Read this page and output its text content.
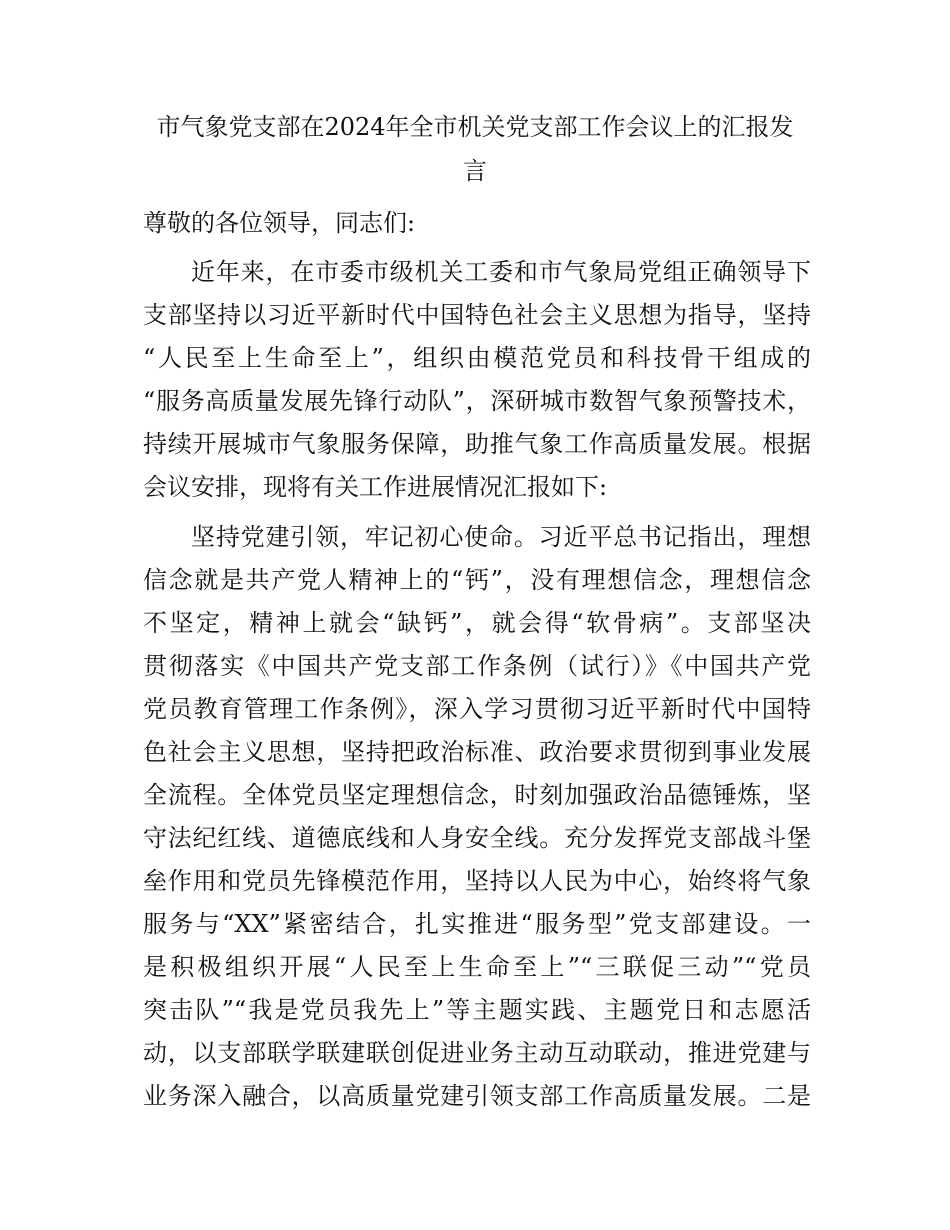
市气象党支部在2024年全市机关党支部工作会议上的汇报发
言
尊敬的各位领导，同志们:
近年来，在市委市级机关工委和市气象局党组正确领导下
支部坚持以习近平新时代中国特色社会主义思想为指导，坚持
“人民至上生命至上”，组织由模范党员和科技骨干组成的
“服务高质量发展先锋行动队”，深研城市数智气象预警技术，
持续开展城市气象服务保障，助推气象工作高质量发展。根据
会议安排，现将有关工作进展情况汇报如下:
坚持党建引领，牢记初心使命。习近平总书记指出，理想
信念就是共产党人精神上的“钙”，没有理想信念，理想信念
不坚定，精神上就会“缺钙”，就会得“软骨病”。支部坚决
贯彻落实《中国共产党支部工作条例（试行）》《中国共产党
党员教育管理工作条例》，深入学习贯彻习近平新时代中国特
色社会主义思想，坚持把政治标准、政治要求贯彻到事业发展
全流程。全体党员坚定理想信念，时刻加强政治品德锤炼，坚
守法纪红线、道德底线和人身安全线。充分发挥党支部战斗堡
垒作用和党员先锋模范作用，坚持以人民为中心，始终将气象
服务与“XX”紧密结合，扎实推进“服务型”党支部建设。一
是积极组织开展“人民至上生命至上”“三联促三动”“党员
突击队”“我是党员我先上”等主题实践、主题党日和志愿活
动，以支部联学联建联创促进业务主动互动联动，推进党建与
业务深入融合，以高质量党建引领支部工作高质量发展。二是
